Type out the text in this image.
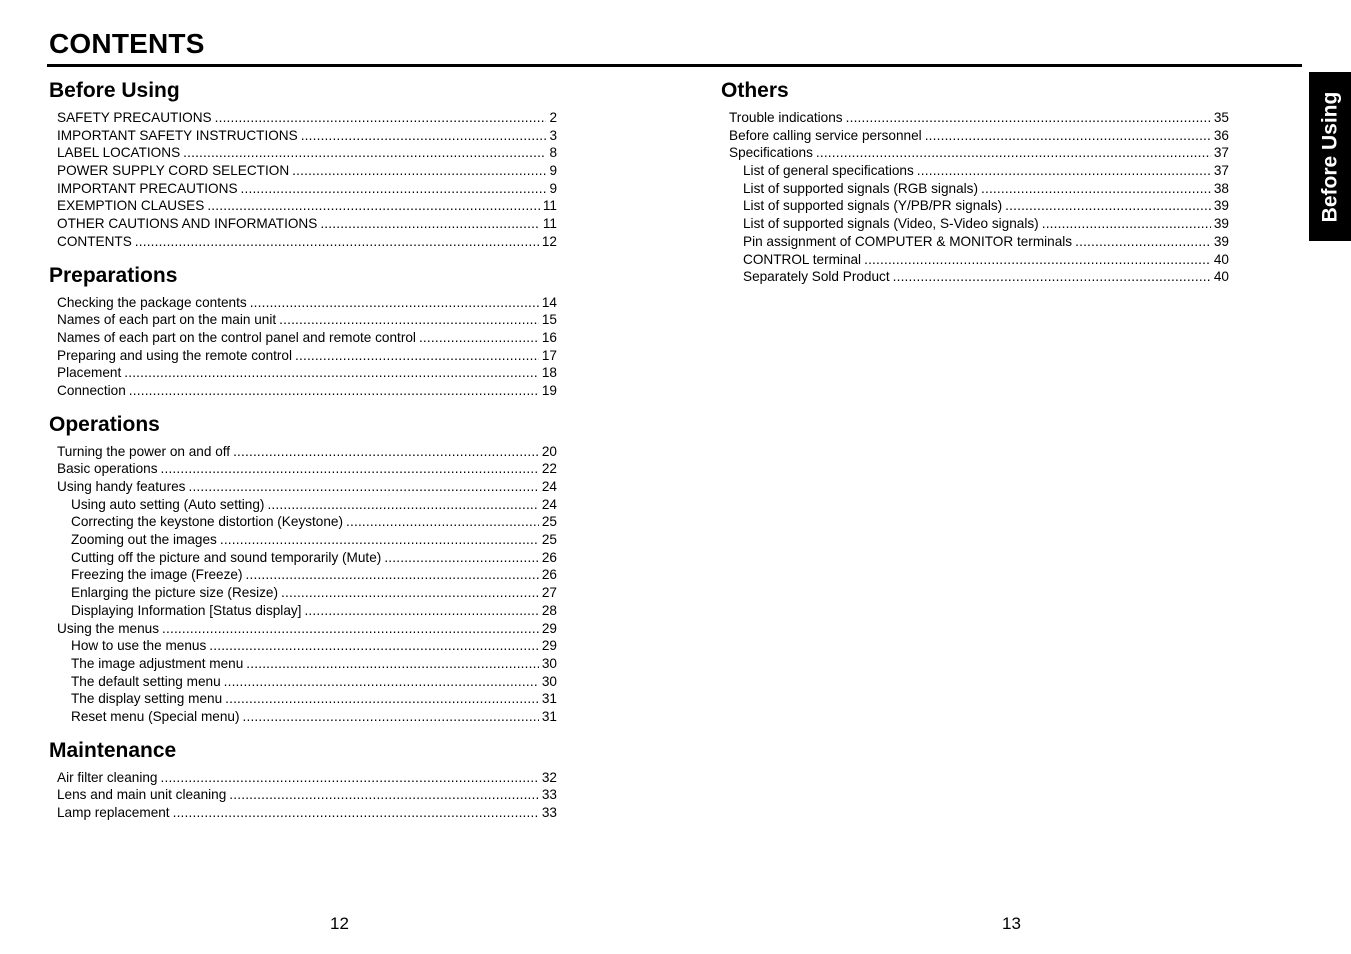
CONTENTS
Before Using
SAFETY PRECAUTIONS .....	2
IMPORTANT SAFETY INSTRUCTIONS .....	3
LABEL LOCATIONS .....	8
POWER SUPPLY CORD SELECTION .....	9
IMPORTANT PRECAUTIONS .....	9
EXEMPTION CLAUSES .....	11
OTHER CAUTIONS AND INFORMATIONS .....	11
CONTENTS .....	12
Preparations
Checking the package contents .....	14
Names of each part on the main unit .....	15
Names of each part on the control panel and remote control .....	16
Preparing and using the remote control .....	17
Placement .....	18
Connection .....	19
Operations
Turning the power on and off .....	20
Basic operations .....	22
Using handy features .....	24
Using auto setting (Auto setting) .....	24
Correcting the keystone distortion (Keystone) .....	25
Zooming out the images .....	25
Cutting off the picture and sound temporarily (Mute) .....	26
Freezing the image (Freeze) .....	26
Enlarging the picture size (Resize) .....	27
Displaying Information [Status display] .....	28
Using the menus .....	29
How to use the menus .....	29
The image adjustment menu .....	30
The default setting menu .....	30
The display setting menu .....	31
Reset menu (Special menu) .....	31
Maintenance
Air filter cleaning .....	32
Lens and main unit cleaning .....	33
Lamp replacement .....	33
Others
Trouble indications .....	35
Before calling service personnel .....	36
Specifications .....	37
List of general specifications .....	37
List of supported signals (RGB signals) .....	38
List of supported signals (Y/PB/PR signals) .....	39
List of supported signals (Video, S-Video signals) .....	39
Pin assignment of COMPUTER & MONITOR terminals .....	39
CONTROL terminal .....	40
Separately Sold Product .....	40
Before Using
12	13
